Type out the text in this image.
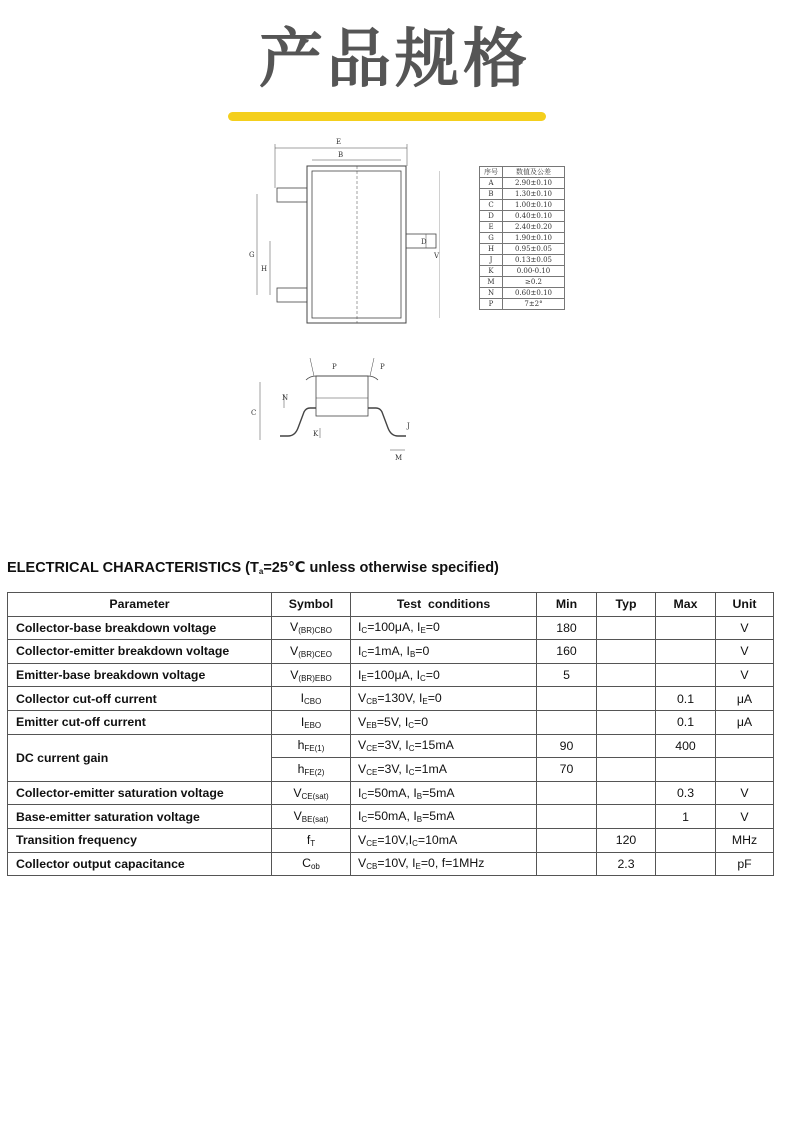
产品规格
E
B
D
V
G
H
P	P
N
C
K
J
M
序号	数值及公差
A	2.90±0.10
B	1.30±0.10
C	1.00±0.10
D	0.40±0.10
E	2.40±0.20
G	1.90±0.10
H	0.95±0.05
J	0.13±0.05
K	0.00-0.10
M	≥0.2
N	0.60±0.10
P	7±2°
ELECTRICAL CHARACTERISTICS ($T_a=25℃$ unless otherwise specified)
Parameter	Symbol	Test  conditions	Min	Typ	Max	Unit
Collector-base breakdown voltage	$V_{(BR)CBO}$	$I_C=100\mu A$, $I_E=0$	180			V
Collector-emitter breakdown voltage	$V_{(BR)CEO}$	$I_C=1mA$, $I_B=0$	160			V
Emitter-base breakdown voltage	$V_{(BR)EBO}$	$I_E=100\mu A$, $I_C=0$	5			V
Collector cut-off current	$I_{CBO}$	$V_{CB}=130V$, $I_E=0$			0.1	μA
Emitter cut-off current	$I_{EBO}$	$V_{EB}=5V$, $I_C=0$			0.1	μA
DC current gain	$h_{FE(1)}$	$V_{CE}=3V$, $I_C=15mA$	90		400	
	$h_{FE(2)}$	$V_{CE}=3V$, $I_C=1mA$	70			
Collector-emitter saturation voltage	$V_{CE(sat)}$	$I_C=50mA$, $I_B=5mA$			0.3	V
Base-emitter saturation voltage	$V_{BE(sat)}$	$I_C=50mA$, $I_B=5mA$			1	V
Transition frequency	$f_T$	$V_{CE}=10V,I_C=10mA$		120		MHz
Collector output capacitance	$C_{ob}$	$V_{CB}=10V$, $I_E=0$, f=1MHz		2.3		pF
